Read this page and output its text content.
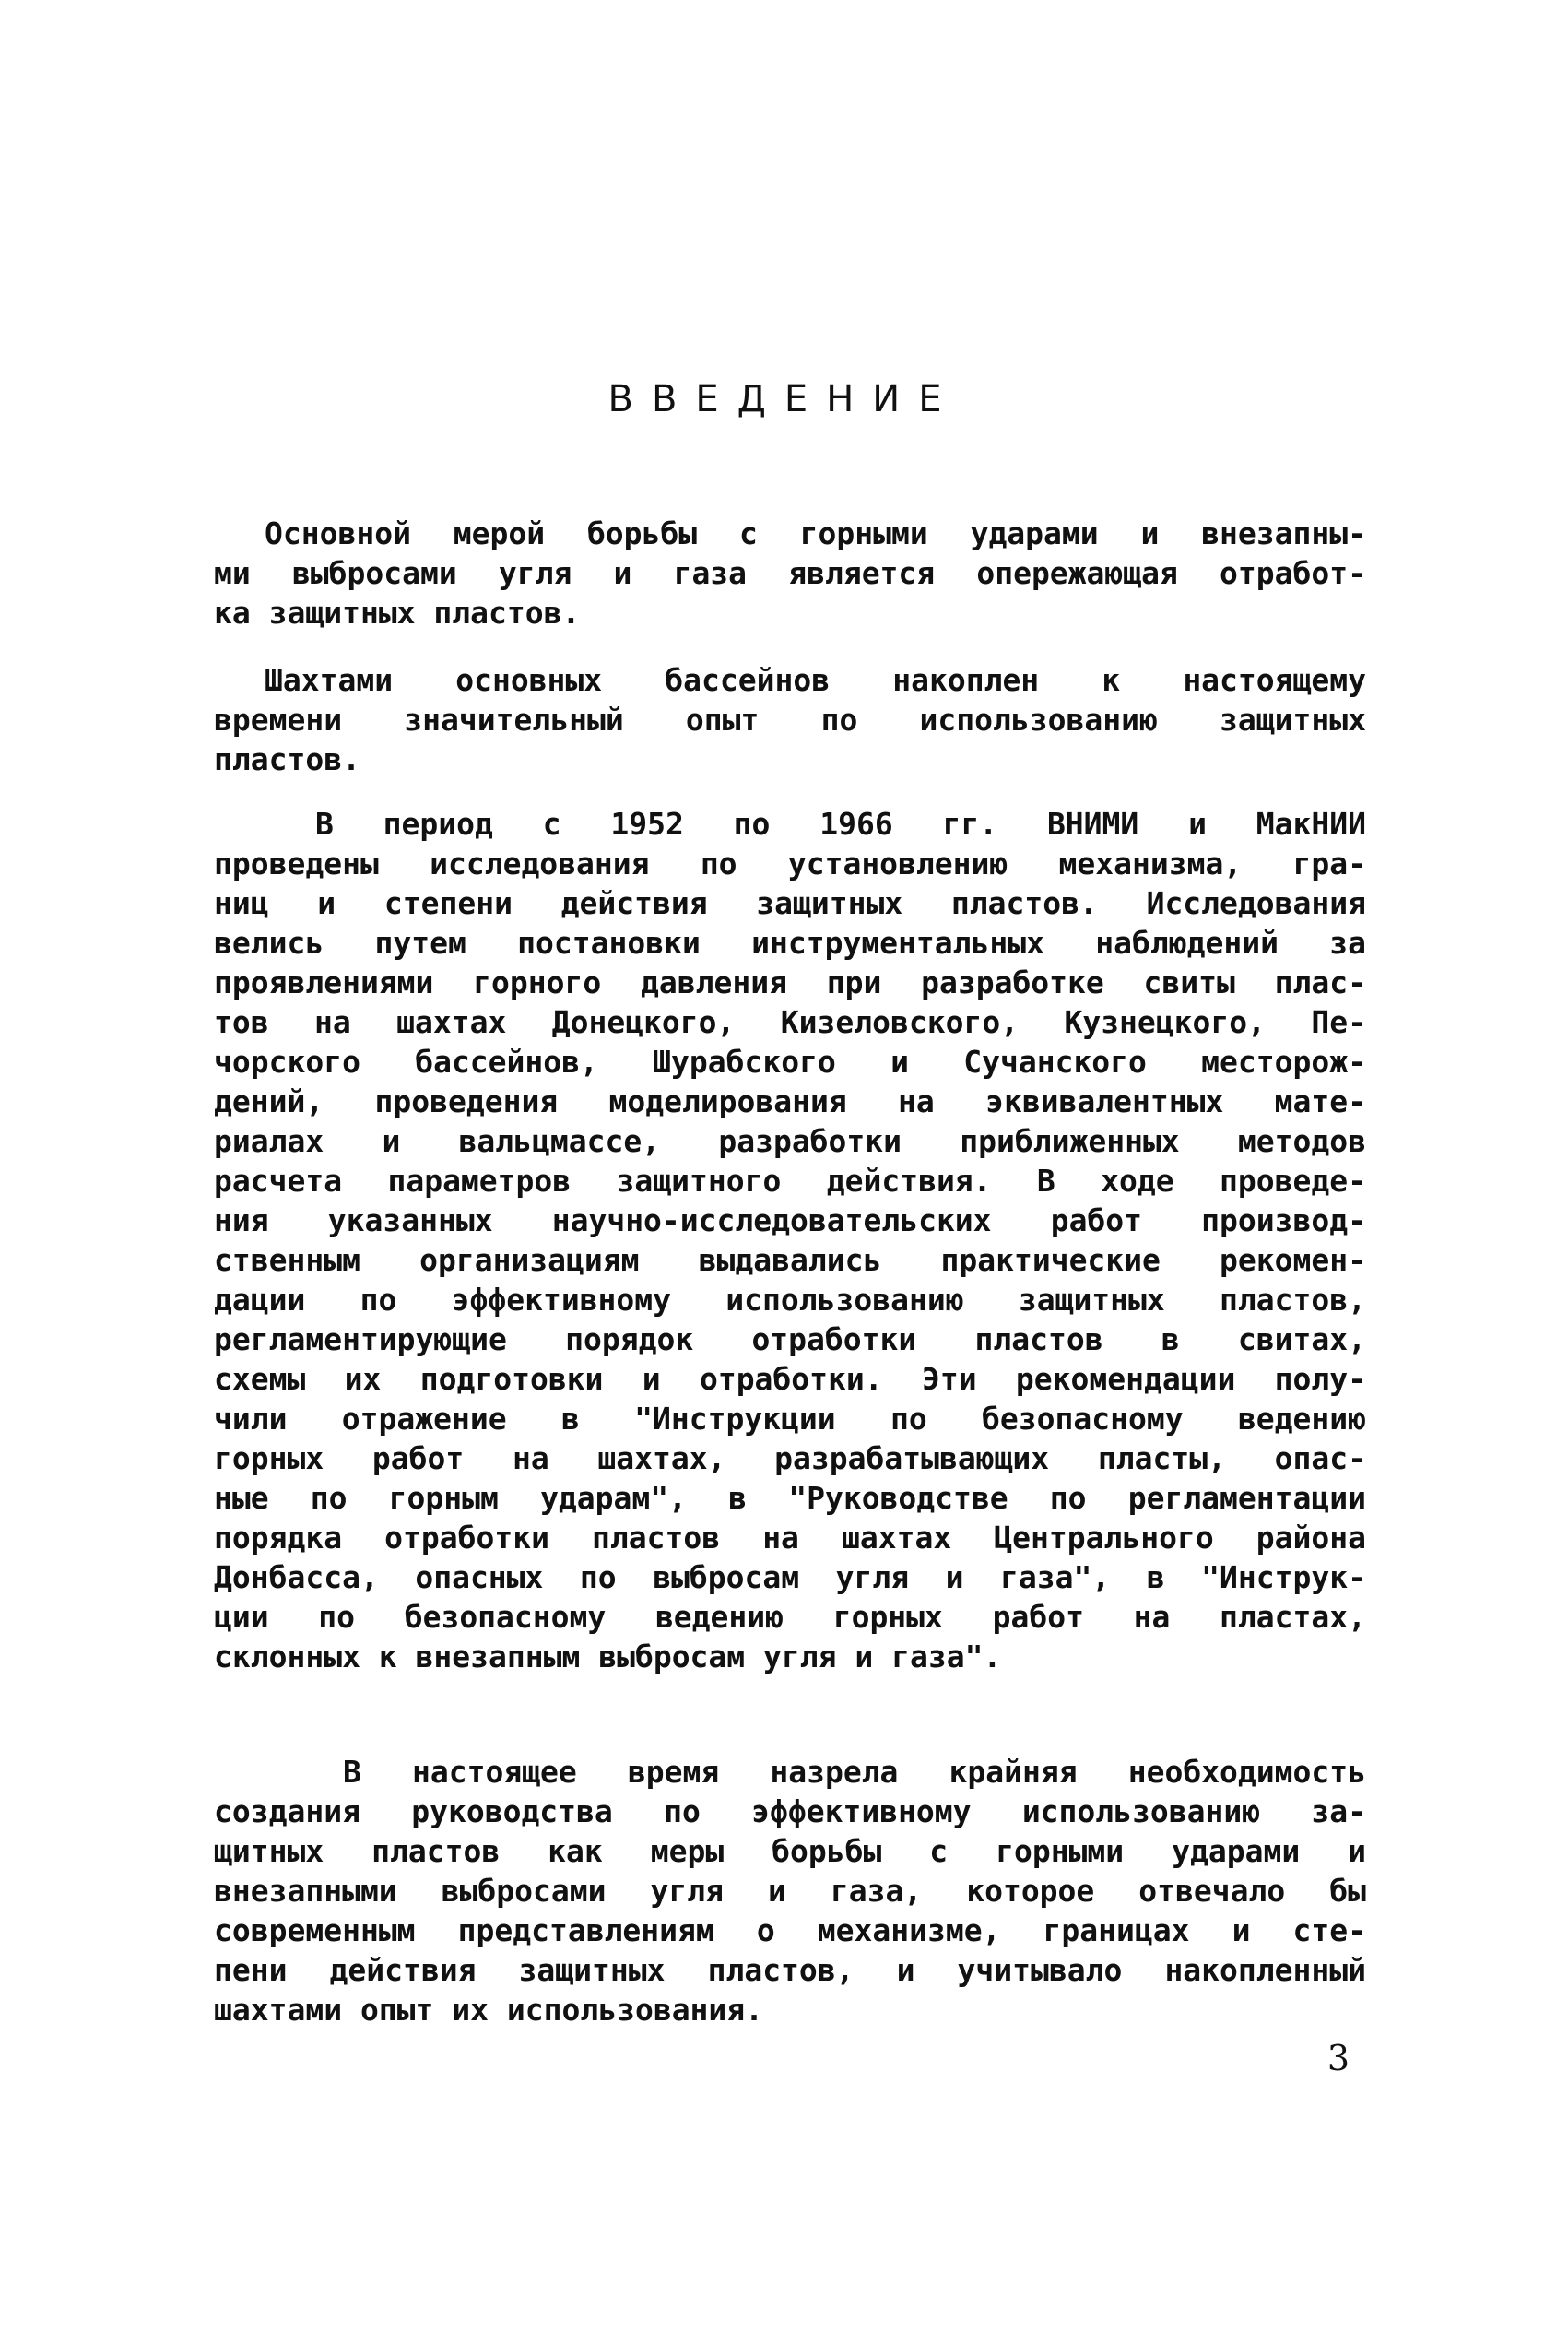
ВВЕДЕНИЕ
Основной мерой борьбы с горными ударами и внезапны-
ми выбросами угля и газа является опережающая отработ-
ка защитных пластов.
Шахтами основных бассейнов накоплен к настоящему
времени значительный опыт по использованию защитных
пластов.
В период с 1952 по 1966 гг. ВНИМИ и МакНИИ
проведены исследования по установлению механизма, гра-
ниц и степени действия защитных пластов. Исследования
велись путем постановки инструментальных наблюдений за
проявлениями горного давления при разработке свиты плас-
тов на шахтах Донецкого, Кизеловского, Кузнецкого, Пе-
чорского бассейнов, Шурабского и Сучанского месторож-
дений, проведения моделирования на эквивалентных мате-
риалах и вальцмассе, разработки приближенных методов
расчета параметров защитного действия. В ходе проведе-
ния указанных научно-исследовательских работ производ-
ственным организациям выдавались практические рекомен-
дации по эффективному использованию защитных пластов,
регламентирующие порядок отработки пластов в свитах,
схемы их подготовки и отработки. Эти рекомендации полу-
чили отражение в "Инструкции по безопасному ведению
горных работ на шахтах, разрабатывающих пласты, опас-
ные по горным ударам", в "Руководстве по регламентации
порядка отработки пластов на шахтах Центрального района
Донбасса, опасных по выбросам угля и газа", в "Инструк-
ции по безопасному ведению горных работ на пластах,
склонных к внезапным выбросам угля и газа".
В настоящее время назрела крайняя необходимость
создания руководства по эффективному использованию за-
щитных пластов как меры борьбы с горными ударами и
внезапными выбросами угля и газа, которое отвечало бы
современным представлениям о механизме, границах и сте-
пени действия защитных пластов, и учитывало накопленный
шахтами опыт их использования.
3
